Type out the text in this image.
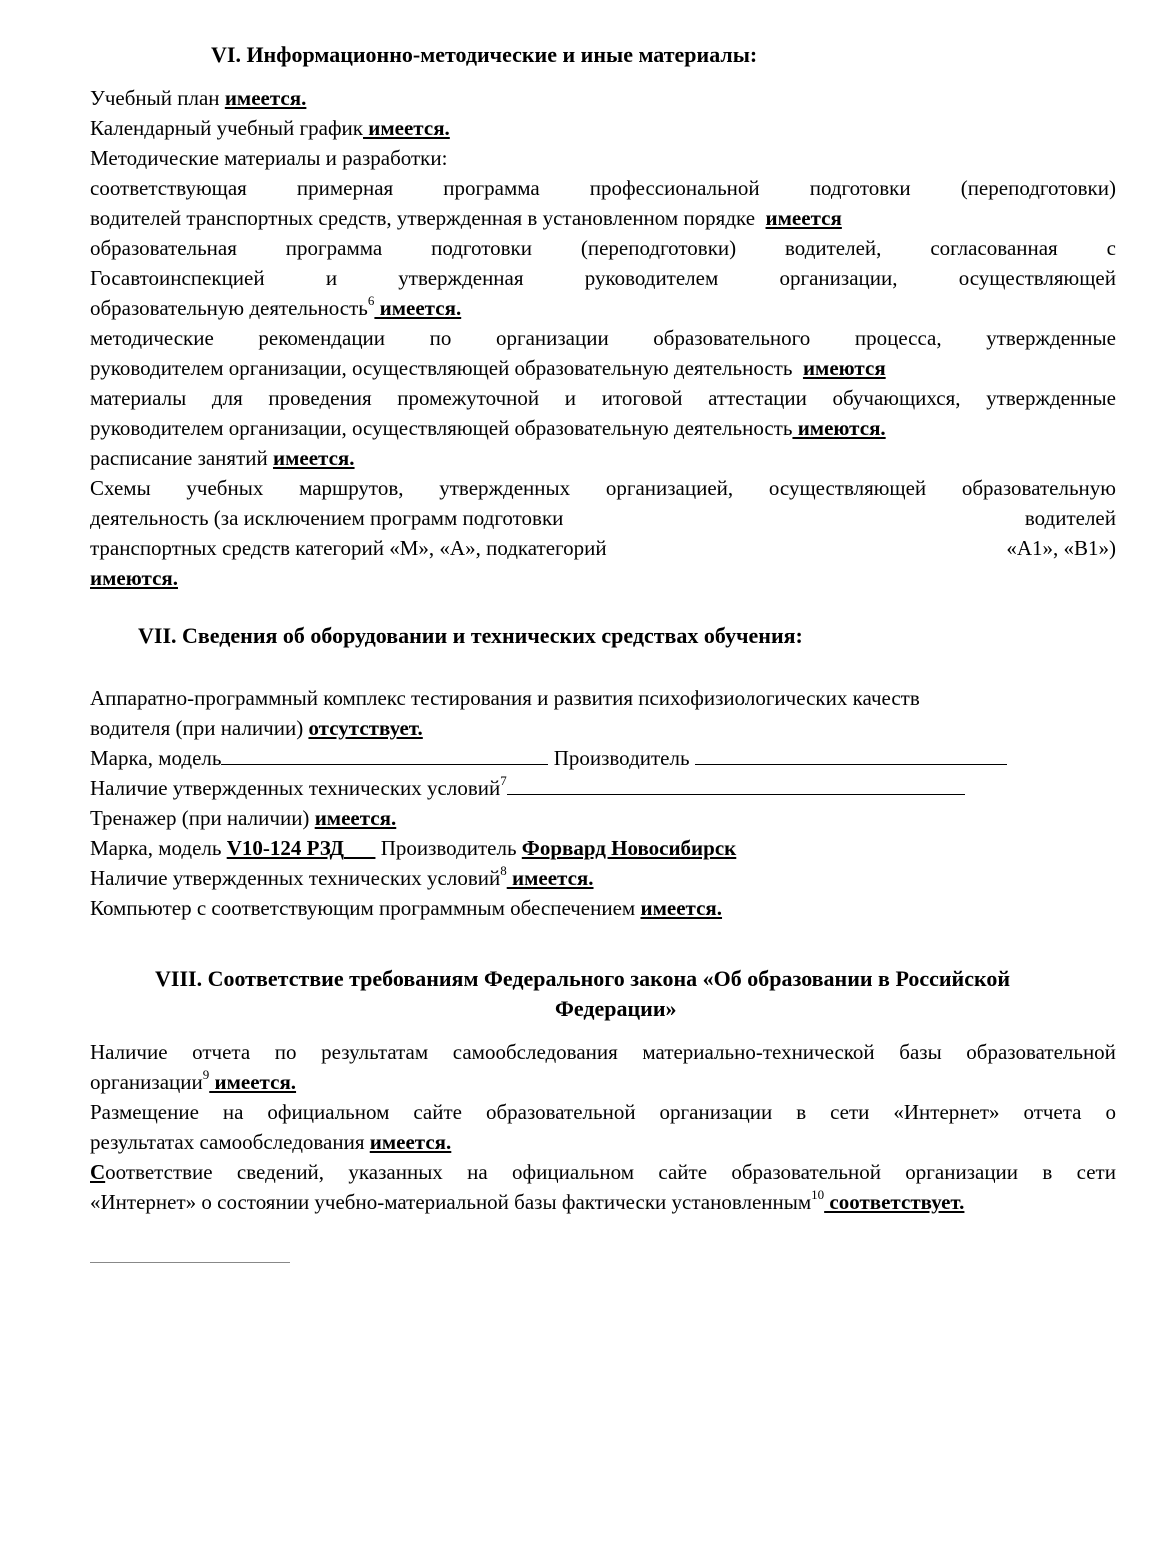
VI. Информационно-методические и иные материалы:
Учебный план имеется.
Календарный учебный график имеется.
Методические материалы и разработки:
соответствующая примерная программа профессиональной подготовки (переподготовки)
водителей транспортных средств, утвержденная в установленном порядке  имеется
образовательная программа подготовки (переподготовки) водителей, согласованная с
Госавтоинспекцией	и	утвержденная	руководителем	организации,	осуществляющей
образовательную деятельность$^6$ имеется.
методические рекомендации по организации образовательного процесса, утвержденные
руководителем организации, осуществляющей образовательную деятельность  имеются
материалы для проведения промежуточной и итоговой аттестации обучающихся, утвержденные
руководителем организации, осуществляющей образовательную деятельность имеются.
расписание занятий имеется.
Схемы учебных маршрутов, утвержденных организацией, осуществляющей образовательную
деятельность (за исключением программ подготовки	водителей
транспортных средств категорий «М», «А», подкатегорий	«А1», «В1»)
имеются.
Аппаратно-программный комплекс тестирования и развития психофизиологических качеств
водителя (при наличии) отсутствует.
Марка, модель	Производитель
Наличие утвержденных технических условий$^7$
Тренажер (при наличии) имеется.
Марка, модель V10-124 РЗД       Производитель Форвард Новосибирск
Наличие утвержденных технических условий$^8$ имеется.
Компьютер с соответствующим программным обеспечением имеется.
Наличие отчета по результатам самообследования материально-технической базы образовательной
организации$^9$ имеется.
Размещение на официальном сайте образовательной организации в сети «Интернет» отчета о
результатах самообследования имеется.
Соответствие сведений, указанных на официальном сайте образовательной организации в сети
«Интернет» о состоянии учебно-материальной базы фактически установленным$^{10}$ соответствует.
VII. Сведения об оборудовании и технических средствах обучения:
VIII. Соответствие требованиям Федерального закона «Об образовании в Российской
Федерации»
